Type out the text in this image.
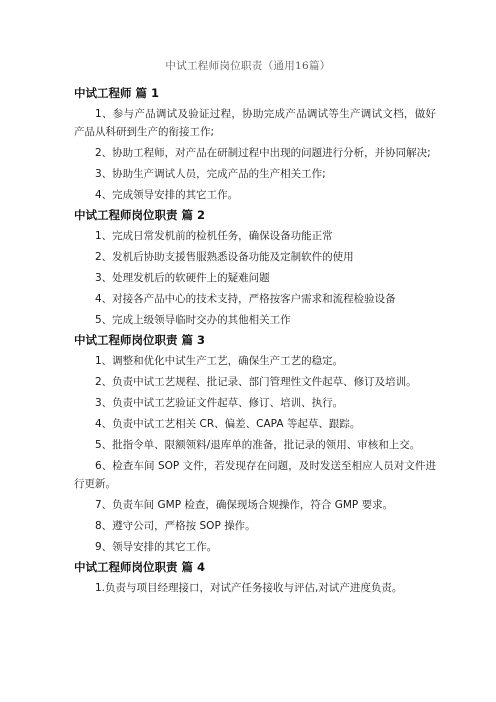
中试工程师岗位职责（通用16篇）
中试工程师 篇 1
1、参与产品调试及验证过程，协助完成产品调试等生产调试文档，做好产品从科研到生产的衔接工作;
2、协助工程师，对产品在研制过程中出现的问题进行分析，并协同解决;
3、协助生产调试人员，完成产品的生产相关工作;
4、完成领导安排的其它工作。
中试工程师岗位职责 篇 2
1、完成日常发机前的检机任务，确保设备功能正常
2、发机后协助支援售服熟悉设备功能及定制软件的使用
3、处理发机后的软硬件上的疑难问题
4、对接各产品中心的技术支持，严格按客户需求和流程检验设备
5、完成上级领导临时交办的其他相关工作
中试工程师岗位职责 篇 3
1、调整和优化中试生产工艺，确保生产工艺的稳定。
2、负责中试工艺规程、批记录、部门管理性文件起草、修订及培训。
3、负责中试工艺验证文件起草、修订、培训、执行。
4、负责中试工艺相关 CR、偏差、CAPA 等起草、跟踪。
5、批指令单、限额领料/退库单的准备，批记录的领用、审核和上交。
6、检查车间 SOP 文件，若发现存在问题，及时发送至相应人员对文件进行更新。
7、负责车间 GMP 检查，确保现场合规操作，符合 GMP 要求。
8、遵守公司，严格按 SOP 操作。
9、领导安排的其它工作。
中试工程师岗位职责 篇 4
1.负责与项目经理接口，对试产任务接收与评估,对试产进度负责。
